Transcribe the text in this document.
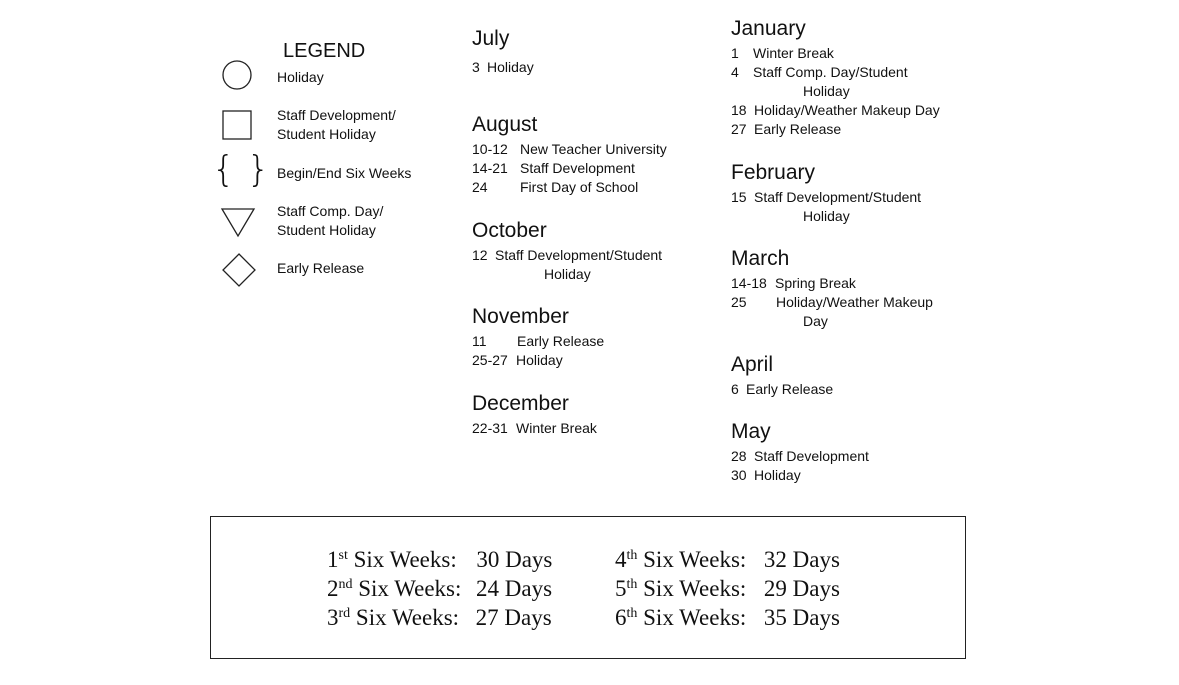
LEGEND
Holiday
Staff Development/
Student Holiday
{ } Begin/End Six Weeks
Staff Comp. Day/
Student Holiday
Early Release
July
3 Holiday
August
10-12 New Teacher University
14-21 Staff Development
24	First Day of School
October
12 Staff Development/Student
Holiday
November
11	Early Release
25-27 Holiday
December
22-31 Winter Break
January
1	Winter Break
4	Staff Comp. Day/Student
Holiday
18 Holiday/Weather Makeup Day
27 Early Release
February
15 Staff Development/Student
Holiday
March
14-18 Spring Break
25	Holiday/Weather Makeup
Day
April
6 Early Release
May
28 Staff Development
30 Holiday
1st Six Weeks: 30 Days
2nd Six Weeks: 24 Days
3rd Six Weeks: 27 Days
4th Six Weeks: 32 Days
5th Six Weeks: 29 Days
6th Six Weeks: 35 Days
